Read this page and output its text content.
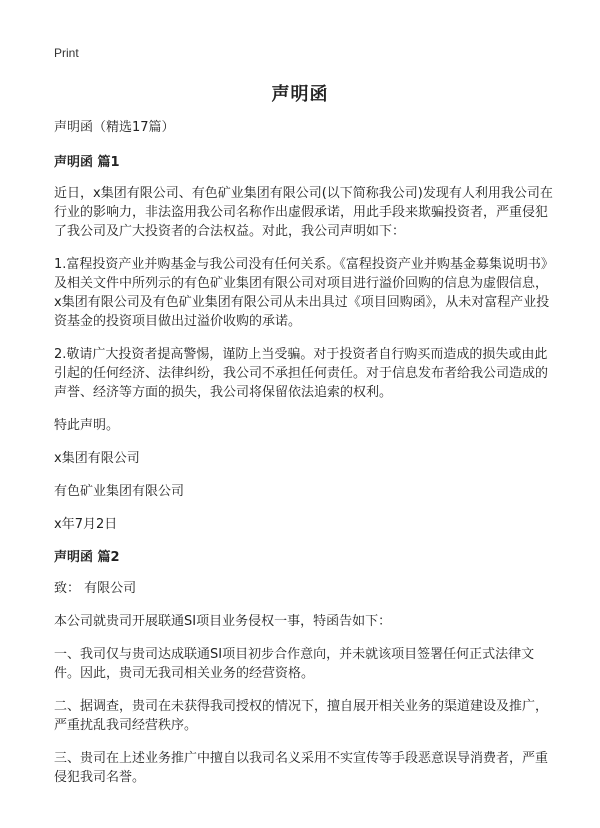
Print
声明函

声明函（精选17篇）

声明函 篇1

近日，x集团有限公司、有色矿业集团有限公司(以下简称我公司)发现有人利用我公司在行业的影响力，非法盗用我公司名称作出虚假承诺，用此手段来欺骗投资者，严重侵犯了我公司及广大投资者的合法权益。对此，我公司声明如下：

1.富程投资产业并购基金与我公司没有任何关系。《富程投资产业并购基金募集说明书》及相关文件中所列示的有色矿业集团有限公司对项目进行溢价回购的信息为虚假信息，x集团有限公司及有色矿业集团有限公司从未出具过《项目回购函》，从未对富程产业投资基金的投资项目做出过溢价收购的承诺。

2.敬请广大投资者提高警惕，谨防上当受骗。对于投资者自行购买而造成的损失或由此引起的任何经济、法律纠纷，我公司不承担任何责任。对于信息发布者给我公司造成的声誉、经济等方面的损失，我公司将保留依法追索的权利。

特此声明。

x集团有限公司

有色矿业集团有限公司

x年7月2日

声明函 篇2

致： 有限公司

本公司就贵司开展联通SI项目业务侵权一事，特函告如下：

一、我司仅与贵司达成联通SI项目初步合作意向，并未就该项目签署任何正式法律文件。因此，贵司无我司相关业务的经营资格。

二、据调查，贵司在未获得我司授权的情况下，擅自展开相关业务的渠道建设及推广，严重扰乱我司经营秩序。

三、贵司在上述业务推广中擅自以我司名义采用不实宣传等手段恶意误导消费者，严重侵犯我司名誉。
